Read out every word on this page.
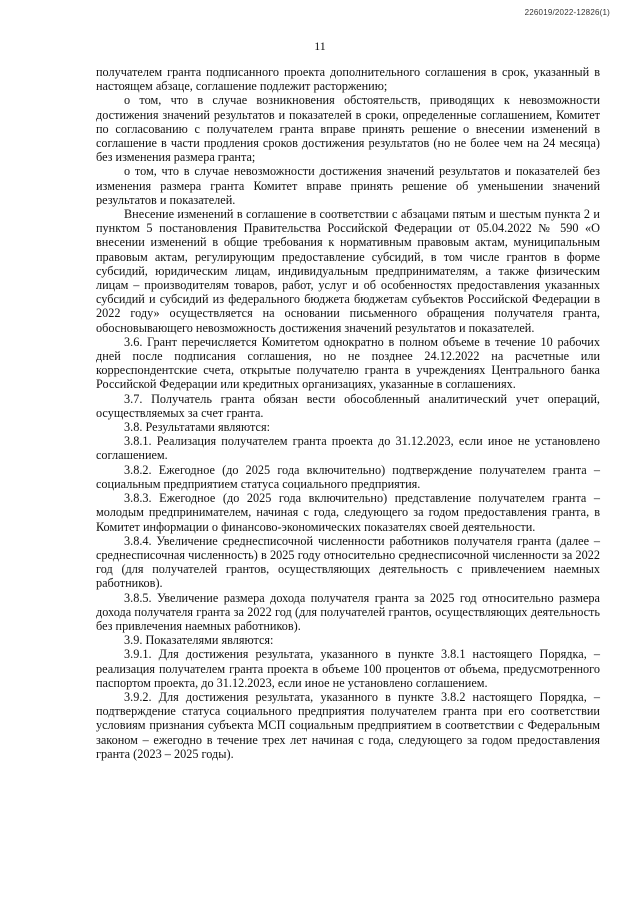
226019/2022-12826(1)
11

получателем гранта подписанного проекта дополнительного соглашения в срок, указанный в настоящем абзаце, соглашение подлежит расторжению;

о том, что в случае возникновения обстоятельств, приводящих к невозможности достижения значений результатов и показателей в сроки, определенные соглашением, Комитет по согласованию с получателем гранта вправе принять решение о внесении изменений в соглашение в части продления сроков достижения результатов (но не более чем на 24 месяца) без изменения размера гранта;

о том, что в случае невозможности достижения значений результатов и показателей без изменения размера гранта Комитет вправе принять решение об уменьшении значений результатов и показателей.

Внесение изменений в соглашение в соответствии с абзацами пятым и шестым пункта 2 и пунктом 5 постановления Правительства Российской Федерации от 05.04.2022 № 590 «О внесении изменений в общие требования к нормативным правовым актам, муниципальным правовым актам, регулирующим предоставление субсидий, в том числе грантов в форме субсидий, юридическим лицам, индивидуальным предпринимателям, а также физическим лицам – производителям товаров, работ, услуг и об особенностях предоставления указанных субсидий и субсидий из федерального бюджета бюджетам субъектов Российской Федерации в 2022 году» осуществляется на основании письменного обращения получателя гранта, обосновывающего невозможность достижения значений результатов и показателей.

3.6. Грант перечисляется Комитетом однократно в полном объеме в течение 10 рабочих дней после подписания соглашения, но не позднее 24.12.2022 на расчетные или корреспондентские счета, открытые получателю гранта в учреждениях Центрального банка Российской Федерации или кредитных организациях, указанные в соглашениях.

3.7. Получатель гранта обязан вести обособленный аналитический учет операций, осуществляемых за счет гранта.

3.8. Результатами являются:

3.8.1. Реализация получателем гранта проекта до 31.12.2023, если иное не установлено соглашением.

3.8.2. Ежегодное (до 2025 года включительно) подтверждение получателем гранта – социальным предприятием статуса социального предприятия.

3.8.3. Ежегодное (до 2025 года включительно) представление получателем гранта – молодым предпринимателем, начиная с года, следующего за годом предоставления гранта, в Комитет информации о финансово-экономических показателях своей деятельности.

3.8.4. Увеличение среднесписочной численности работников получателя гранта (далее – среднесписочная численность) в 2025 году относительно среднесписочной численности за 2022 год (для получателей грантов, осуществляющих деятельность с привлечением наемных работников).

3.8.5. Увеличение размера дохода получателя гранта за 2025 год относительно размера дохода получателя гранта за 2022 год (для получателей грантов, осуществляющих деятельность без привлечения наемных работников).

3.9. Показателями являются:

3.9.1. Для достижения результата, указанного в пункте 3.8.1 настоящего Порядка, – реализация получателем гранта проекта в объеме 100 процентов от объема, предусмотренного паспортом проекта, до 31.12.2023, если иное не установлено соглашением.

3.9.2. Для достижения результата, указанного в пункте 3.8.2 настоящего Порядка, – подтверждение статуса социального предприятия получателем гранта при его соответствии условиям признания субъекта МСП социальным предприятием в соответствии с Федеральным законом – ежегодно в течение трех лет начиная с года, следующего за годом предоставления гранта (2023 – 2025 годы).
